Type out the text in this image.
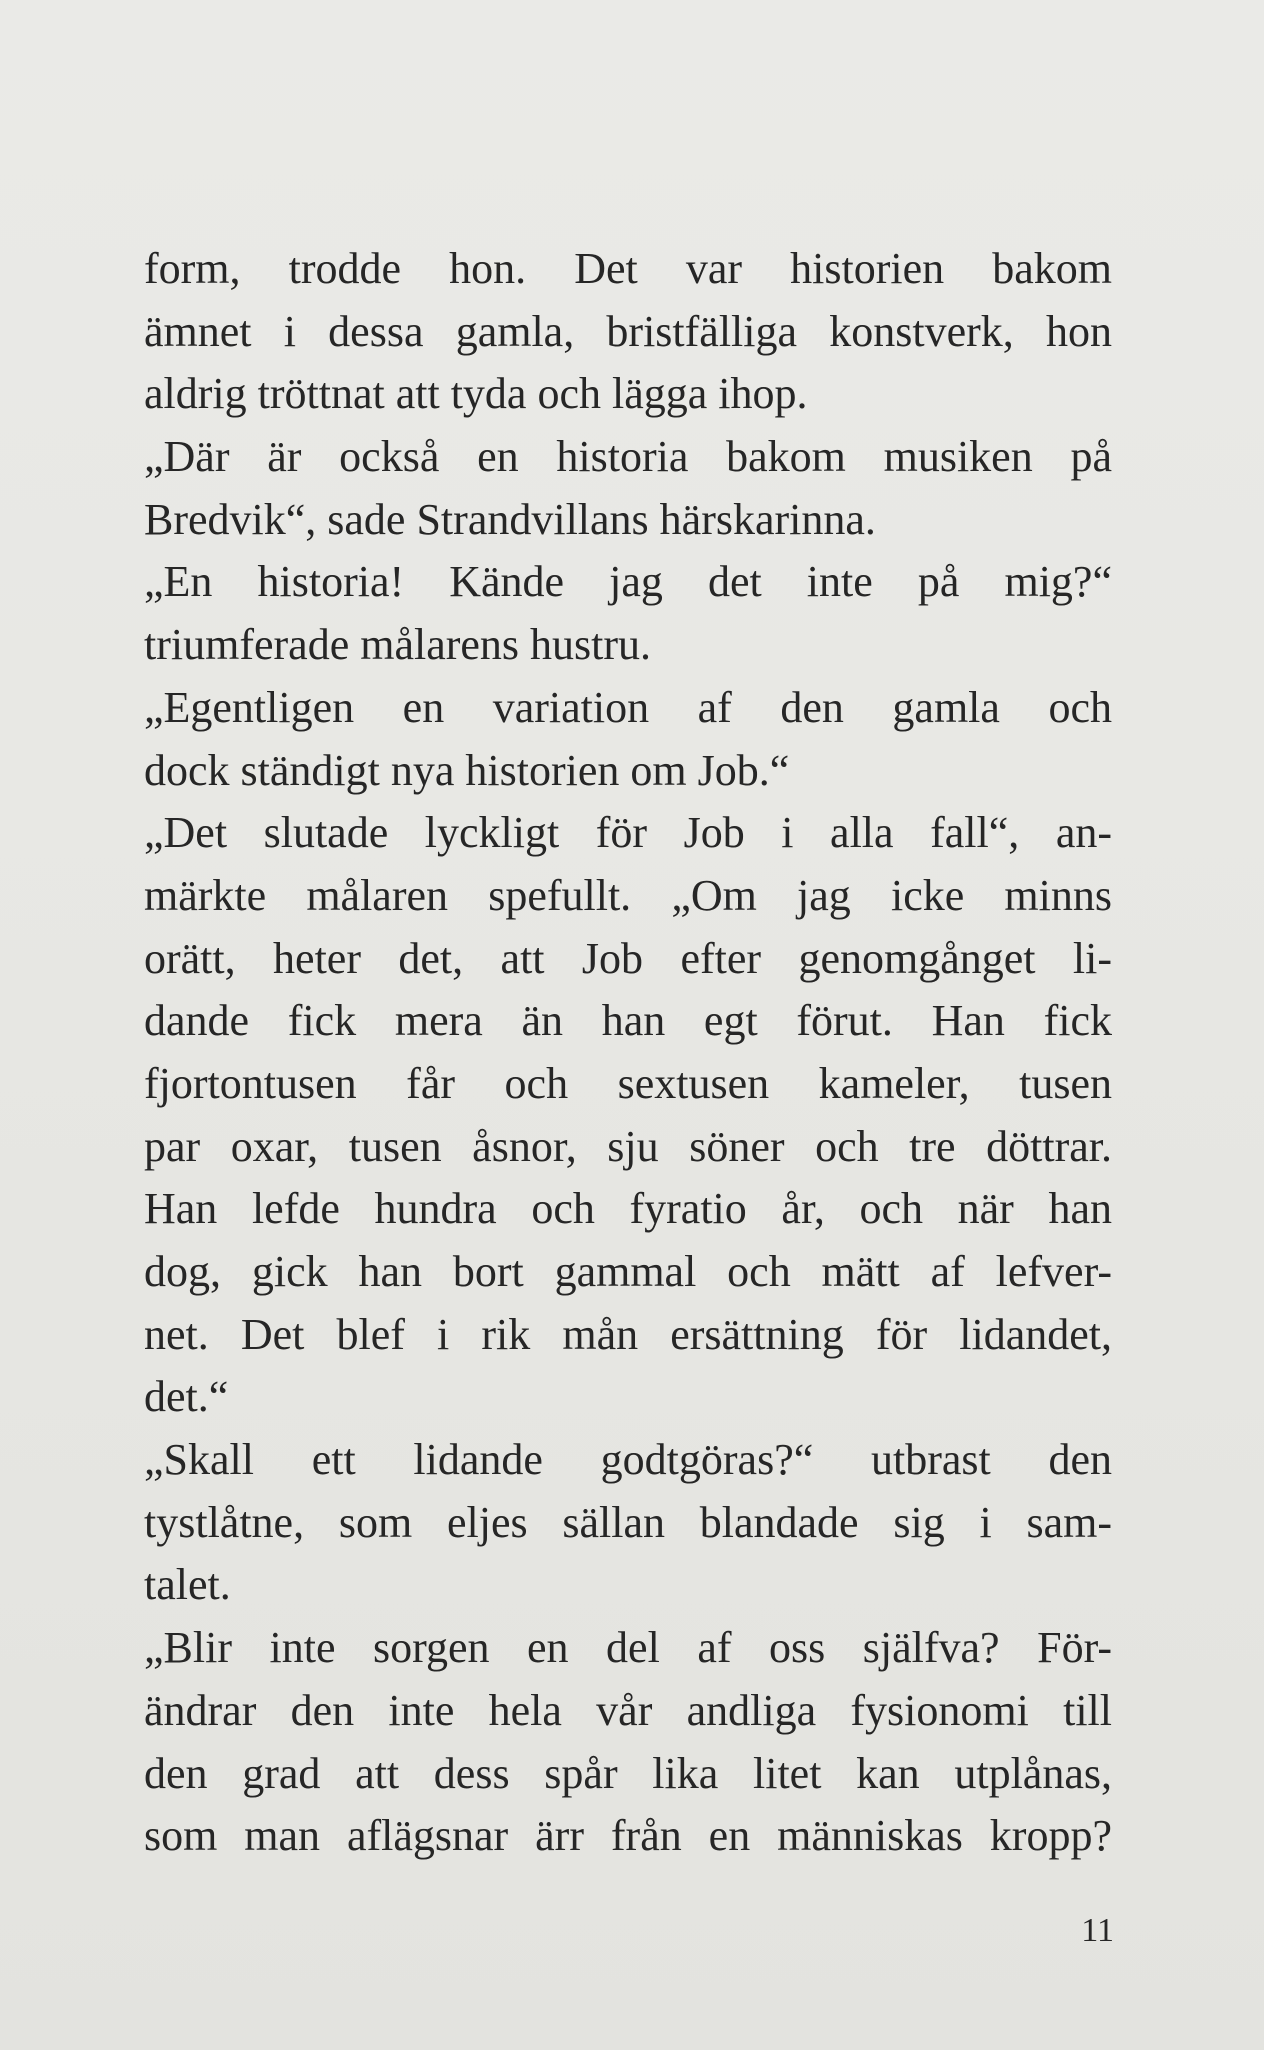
form, trodde hon. Det var historien bakom
ämnet i dessa gamla, bristfälliga konstverk, hon
aldrig tröttnat att tyda och lägga ihop.
„Där är också en historia bakom musiken på
Bredvik“, sade Strandvillans härskarinna.
„En historia! Kände jag det inte på mig?“
triumferade målarens hustru.
„Egentligen en variation af den gamla och
dock ständigt nya historien om Job.“
„Det slutade lyckligt för Job i alla fall“, an-
märkte målaren spefullt. „Om jag icke minns
orätt, heter det, att Job efter genomgånget li-
dande fick mera än han egt förut. Han fick
fjortontusen får och sextusen kameler, tusen
par oxar, tusen åsnor, sju söner och tre döttrar.
Han lefde hundra och fyratio år, och när han
dog, gick han bort gammal och mätt af lefver-
net. Det blef i rik mån ersättning för lidandet,
det.“
„Skall ett lidande godtgöras?“ utbrast den
tystlåtne, som eljes sällan blandade sig i sam-
talet.
„Blir inte sorgen en del af oss själfva? För-
ändrar den inte hela vår andliga fysionomi till
den grad att dess spår lika litet kan utplånas,
som man aflägsnar ärr från en människas kropp?
11
